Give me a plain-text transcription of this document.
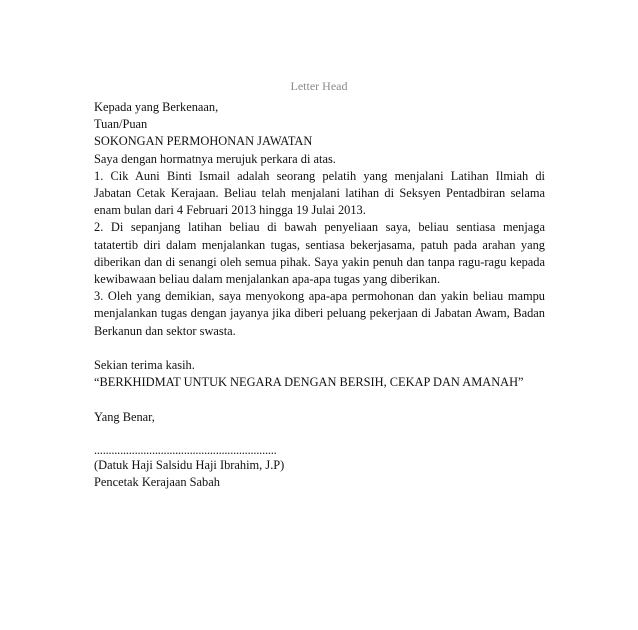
Letter Head
Kepada yang Berkenaan,
Tuan/Puan
SOKONGAN PERMOHONAN JAWATAN
Saya dengan hormatnya merujuk perkara di atas.
1. Cik Auni Binti Ismail adalah seorang pelatih yang menjalani Latihan Ilmiah di
Jabatan Cetak Kerajaan. Beliau telah menjalani latihan di Seksyen Pentadbiran selama
enam bulan dari 4 Februari 2013 hingga 19 Julai 2013.
2. Di sepanjang latihan beliau di bawah penyeliaan saya, beliau sentiasa menjaga
tatatertib diri dalam menjalankan tugas, sentiasa bekerjasama, patuh pada arahan yang
diberikan dan di senangi oleh semua pihak. Saya yakin penuh dan tanpa ragu-ragu kepada
kewibawaan beliau dalam menjalankan apa-apa tugas yang diberikan.
3. Oleh yang demikian, saya menyokong apa-apa permohonan dan yakin beliau mampu
menjalankan tugas dengan jayanya jika diberi peluang pekerjaan di Jabatan Awam, Badan
Berkanun dan sektor swasta.
Sekian terima kasih.
“BERKHIDMAT UNTUK NEGARA DENGAN BERSIH, CEKAP DAN AMANAH”
Yang Benar,
...............................................................
(Datuk Haji Salsidu Haji Ibrahim, J.P)
Pencetak Kerajaan Sabah
